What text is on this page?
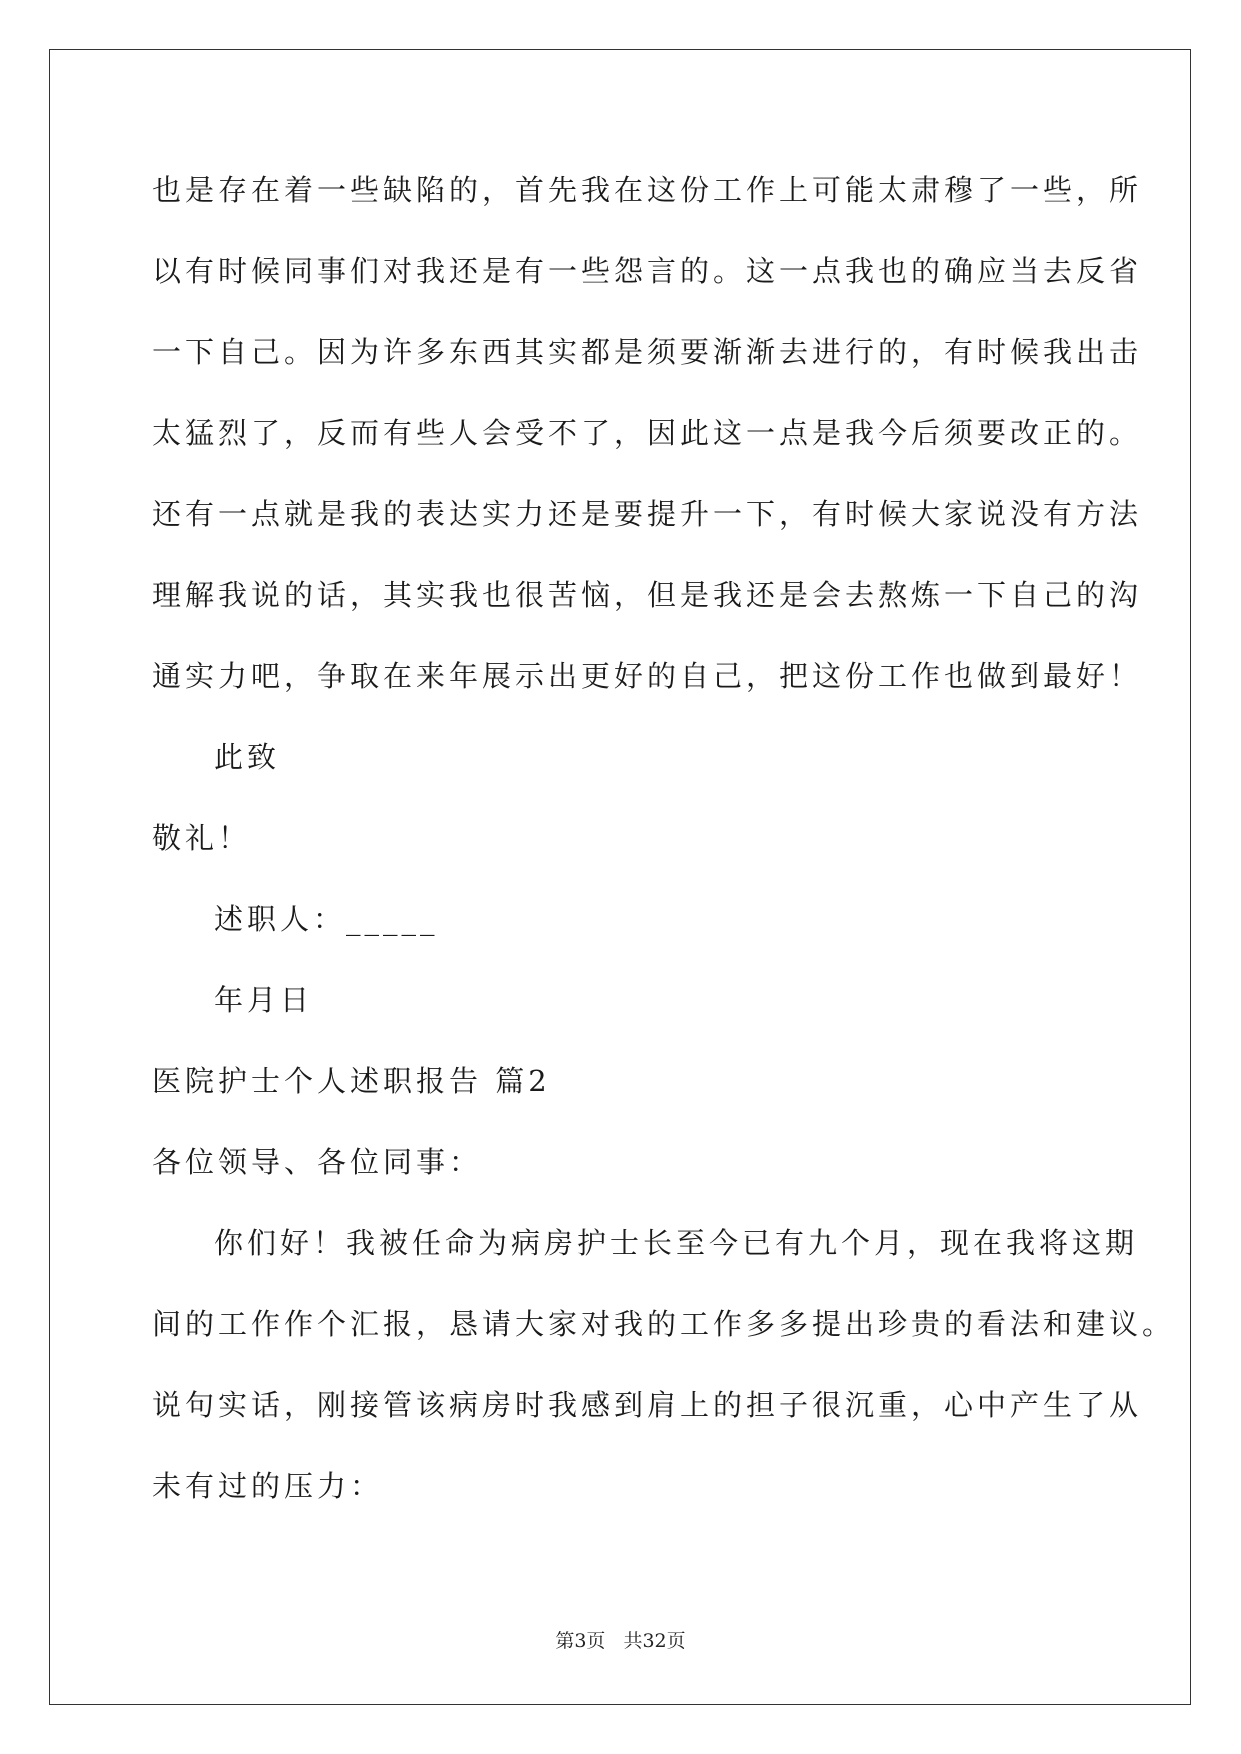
也是存在着一些缺陷的，首先我在这份工作上可能太肃穆了一些，所
以有时候同事们对我还是有一些怨言的。这一点我也的确应当去反省
一下自己。因为许多东西其实都是须要渐渐去进行的，有时候我出击
太猛烈了，反而有些人会受不了，因此这一点是我今后须要改正的。
还有一点就是我的表达实力还是要提升一下，有时候大家说没有方法
理解我说的话，其实我也很苦恼，但是我还是会去熬炼一下自己的沟
通实力吧，争取在来年展示出更好的自己，把这份工作也做到最好！
此致
敬礼！
述职人：_____
年月日
医院护士个人述职报告 篇2
各位领导、各位同事：
你们好！我被任命为病房护士长至今已有九个月，现在我将这期
间的工作作个汇报，恳请大家对我的工作多多提出珍贵的看法和建议。
说句实话，刚接管该病房时我感到肩上的担子很沉重，心中产生了从
未有过的压力：
第3页 共32页
